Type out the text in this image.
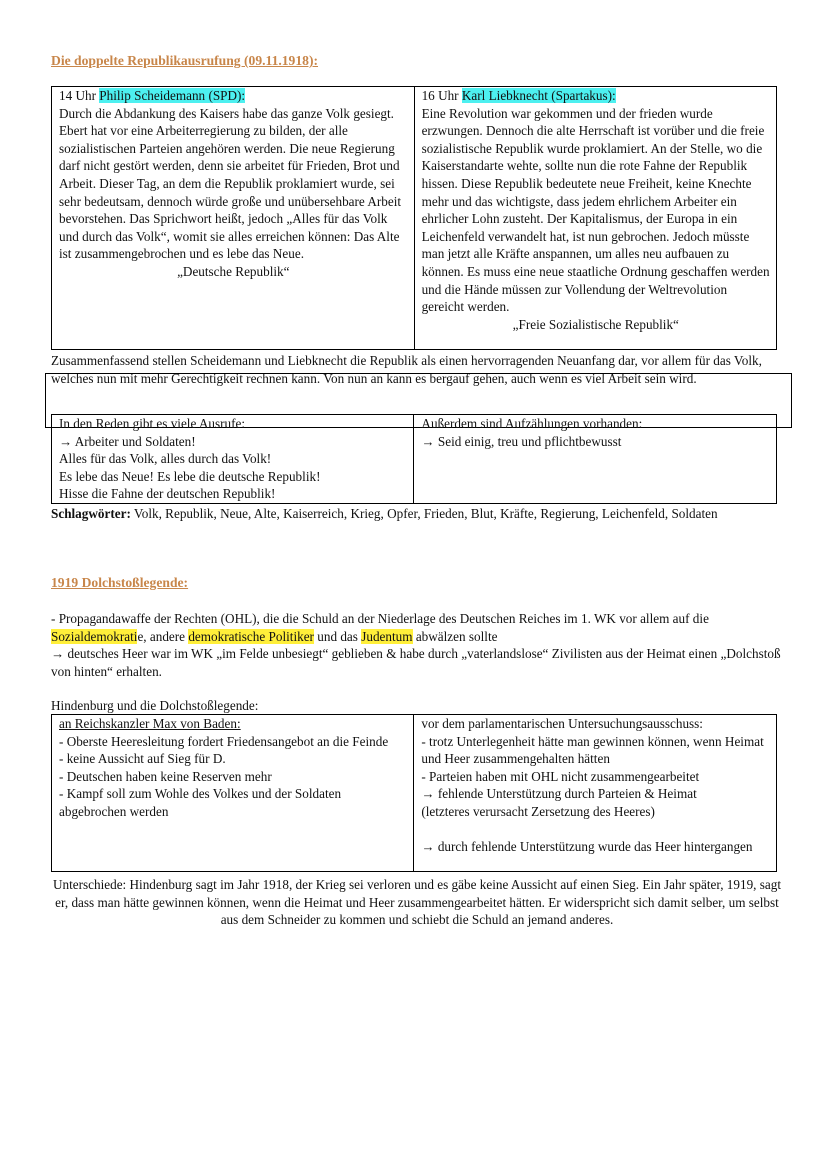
Die doppelte Republikausrufung (09.11.1918):
14 Uhr Philip Scheidemann (SPD):
Durch die Abdankung des Kaisers habe das ganze Volk gesiegt. Ebert hat vor eine Arbeiterregierung zu bilden, der alle sozialistischen Parteien angehören werden. Die neue Regierung darf nicht gestört werden, denn sie arbeitet für Frieden, Brot und Arbeit. Dieser Tag, an dem die Republik proklamiert wurde, sei sehr bedeutsam, dennoch würde große und unübersehbare Arbeit bevorstehen. Das Sprichwort heißt, jedoch „Alles für das Volk und durch das Volk“, womit sie alles erreichen können: Das Alte ist zusammengebrochen und es lebe das Neue.
„Deutsche Republik“
	16 Uhr Karl Liebknecht (Spartakus):
Eine Revolution war gekommen und der frieden wurde erzwungen. Dennoch die alte Herrschaft ist vorüber und die freie sozialistische Republik wurde proklamiert. An der Stelle, wo die Kaiserstandarte wehte, sollte nun die rote Fahne der Republik hissen. Diese Republik bedeutete neue Freiheit, keine Knechte mehr und das wichtigste, dass jedem ehrlichem Arbeiter ein ehrlicher Lohn zusteht. Der Kapitalismus, der Europa in ein Leichenfeld verwandelt hat, ist nun gebrochen. Jedoch müsste man jetzt alle Kräfte anspannen, um alles neu aufbauen zu können. Es muss eine neue staatliche Ordnung geschaffen werden und die Hände müssen zur Vollendung der Weltrevolution gereicht werden.
„Freie Sozialistische Republik“
Zusammenfassend stellen Scheidemann und Liebknecht die Republik als einen hervorragenden Neuanfang dar, vor allem für das Volk, welches nun mit mehr Gerechtigkeit rechnen kann. Von nun an kann es bergauf gehen, auch wenn es viel Arbeit sein wird.
In den Reden gibt es viele Ausrufe:
→ Arbeiter und Soldaten!
Alles für das Volk, alles durch das Volk!
Es lebe das Neue! Es lebe die deutsche Republik!
Hisse die Fahne der deutschen Republik!

Außerdem sind Aufzählungen vorhanden:
→ Seid einig, treu und pflichtbewusst
Schlagwörter: Volk, Republik, Neue, Alte, Kaiserreich, Krieg, Opfer, Frieden, Blut, Kräfte, Regierung, Leichenfeld, Soldaten
1919 Dolchstoßlegende:
- Propagandawaffe der Rechten (OHL), die die Schuld an der Niederlage des Deutschen Reiches im 1. WK vor allem auf die Sozialdemokratie, andere demokratische Politiker und das Judentum abwälzen sollte
→ deutsches Heer war im WK „im Felde unbesiegt“ geblieben & habe durch „vaterlandslose“ Zivilisten aus der Heimat einen „Dolchstoß von hinten“ erhalten.
Hindenburg und die Dolchstoßlegende:
an Reichskanzler Max von Baden:
- Oberste Heeresleitung fordert Friedensangebot an die Feinde
- keine Aussicht auf Sieg für D.
- Deutschen haben keine Reserven mehr
- Kampf soll zum Wohle des Volkes und der Soldaten abgebrochen werden

vor dem parlamentarischen Untersuchungsausschuss:
- trotz Unterlegenheit hätte man gewinnen können, wenn Heimat und Heer zusammengehalten hätten
- Parteien haben mit OHL nicht zusammengearbeitet
→ fehlende Unterstützung durch Parteien & Heimat
(letzteres verursacht Zersetzung des Heeres)
→ durch fehlende Unterstützung wurde das Heer hintergangen
Unterschiede: Hindenburg sagt im Jahr 1918, der Krieg sei verloren und es gäbe keine Aussicht auf einen Sieg. Ein Jahr später, 1919, sagt er, dass man hätte gewinnen können, wenn die Heimat und Heer zusammengearbeitet hätten. Er widerspricht sich damit selber, um selbst aus dem Schneider zu kommen und schiebt die Schuld an jemand anderes.
